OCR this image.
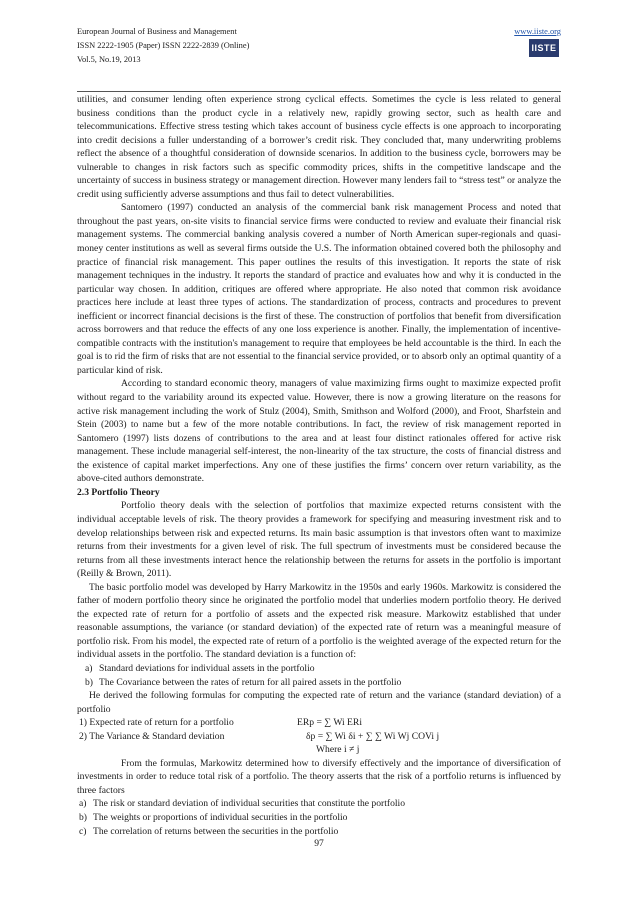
European Journal of Business and Management
ISSN 2222-1905 (Paper) ISSN 2222-2839 (Online)
Vol.5, No.19, 2013
www.iiste.org
IISTE

utilities, and consumer lending often experience strong cyclical effects. Sometimes the cycle is less related to general business conditions than the product cycle in a relatively new, rapidly growing sector, such as health care and telecommunications. Effective stress testing which takes account of business cycle effects is one approach to incorporating into credit decisions a fuller understanding of a borrower’s credit risk. They concluded that, many underwriting problems reflect the absence of a thoughtful consideration of downside scenarios. In addition to the business cycle, borrowers may be vulnerable to changes in risk factors such as specific commodity prices, shifts in the competitive landscape and the uncertainty of success in business strategy or management direction. However many lenders fail to “stress test” or analyze the credit using sufficiently adverse assumptions and thus fail to detect vulnerabilities.

Santomero (1997) conducted an analysis of the commercial bank risk management Process and noted that throughout the past years, on-site visits to financial service firms were conducted to review and evaluate their financial risk management systems. The commercial banking analysis covered a number of North American super-regionals and quasi-money center institutions as well as several firms outside the U.S. The information obtained covered both the philosophy and practice of financial risk management. This paper outlines the results of this investigation. It reports the state of risk management techniques in the industry. It reports the standard of practice and evaluates how and why it is conducted in the particular way chosen. In addition, critiques are offered where appropriate. He also noted that common risk avoidance practices here include at least three types of actions. The standardization of process, contracts and procedures to prevent inefficient or incorrect financial decisions is the first of these. The construction of portfolios that benefit from diversification across borrowers and that reduce the effects of any one loss experience is another. Finally, the implementation of incentive-compatible contracts with the institution's management to require that employees be held accountable is the third. In each the goal is to rid the firm of risks that are not essential to the financial service provided, or to absorb only an optimal quantity of a particular kind of risk.

According to standard economic theory, managers of value maximizing firms ought to maximize expected profit without regard to the variability around its expected value. However, there is now a growing literature on the reasons for active risk management including the work of Stulz (2004), Smith, Smithson and Wolford (2000), and Froot, Sharfstein and Stein (2003) to name but a few of the more notable contributions. In fact, the review of risk management reported in Santomero (1997) lists dozens of contributions to the area and at least four distinct rationales offered for active risk management. These include managerial self-interest, the non-linearity of the tax structure, the costs of financial distress and the existence of capital market imperfections. Any one of these justifies the firms’ concern over return variability, as the above-cited authors demonstrate.

2.3 Portfolio Theory

Portfolio theory deals with the selection of portfolios that maximize expected returns consistent with the individual acceptable levels of risk. The theory provides a framework for specifying and measuring investment risk and to develop relationships between risk and expected returns. Its main basic assumption is that investors often want to maximize returns from their investments for a given level of risk. The full spectrum of investments must be considered because the returns from all these investments interact hence the relationship between the returns for assets in the portfolio is important (Reilly & Brown, 2011).

The basic portfolio model was developed by Harry Markowitz in the 1950s and early 1960s. Markowitz is considered the father of modern portfolio theory since he originated the portfolio model that underlies modern portfolio theory. He derived the expected rate of return for a portfolio of assets and the expected risk measure. Markowitz established that under reasonable assumptions, the variance (or standard deviation) of the expected rate of return was a meaningful measure of portfolio risk. From his model, the expected rate of return of a portfolio is the weighted average of the expected return for the individual assets in the portfolio. The standard deviation is a function of:

a) Standard deviations for individual assets in the portfolio

b) The Covariance between the rates of return for all paired assets in the portfolio

He derived the following formulas for computing the expected rate of return and the variance (standard deviation) of a portfolio

1) Expected rate of return for a portfolio	ERp = ∑ Wi ERi
2) The Variance & Standard deviation	δp = ∑ Wi δi + ∑ ∑ Wi Wj COVi j
Where i ≠ j

From the formulas, Markowitz determined how to diversify effectively and the importance of diversification of investments in order to reduce total risk of a portfolio. The theory asserts that the risk of a portfolio returns is influenced by three factors

a) The risk or standard deviation of individual securities that constitute the portfolio

b) The weights or proportions of individual securities in the portfolio

c) The correlation of returns between the securities in the portfolio

97
